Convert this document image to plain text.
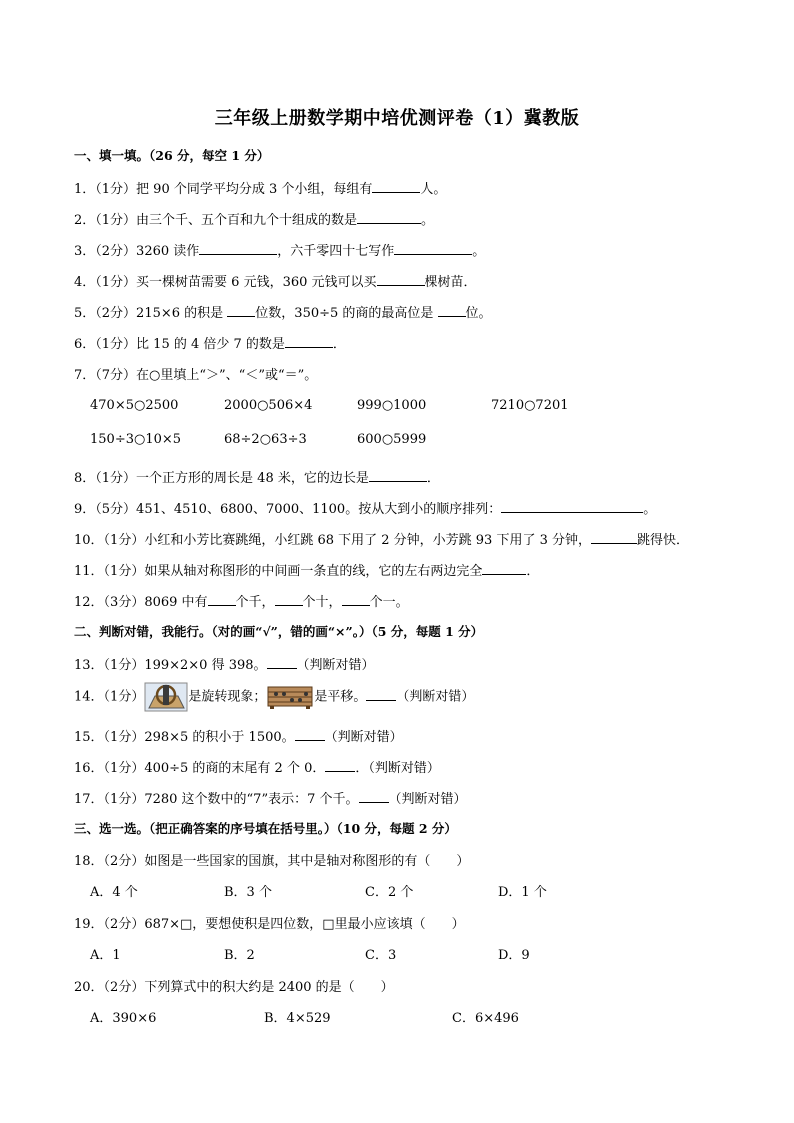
三年级上册数学期中培优测评卷（1）冀教版
一、填一填。（26 分，每空 1 分）
1．（1分）把 90 个同学平均分成 3 个小组，每组有	人。
2．（1分）由三个千、五个百和九个十组成的数是	。
3．（2分）3260 读作	，六千零四十七写作	。
4．（1分）买一棵树苗需要 6 元钱，360 元钱可以买	棵树苗．
5．（2分）215×6 的积是 位数，350÷5 的商的最高位是 位。
6．（1分）比 15 的 4 倍少 7 的数是	．
7．（7分）在○里填上“＞”、“＜”或“＝”。
470×5○2500	2000○506×4	999○1000	7210○7201
150÷3○10×5	68÷2○63÷3	600○5999
8．（1分）一个正方形的周长是 48 米，它的边长是	．
9．（5分）451、4510、6800、7000、1100。按从大到小的顺序排列：	。
10．（1分）小红和小芳比赛跳绳，小红跳 68 下用了 2 分钟，小芳跳 93 下用了 3 分钟，	跳得快．
11．（1分）如果从轴对称图形的中间画一条直的线，它的左右两边完全	．
12．（3分）8069 中有 个千， 个十， 个一。
二、判断对错，我能行。（对的画“√”，错的画“×”。）（5 分，每题 1 分）
13．（1分）199×2×0 得 398。 （判断对错）
14．（1分）	是旋转现象；	是平移。 （判断对错）
15．（1分）298×5 的积小于 1500。 （判断对错）
16．（1分）400÷5 的商的末尾有 2 个 0． ．（判断对错）
17．（1分）7280 这个数中的“7”表示：7 个千。 （判断对错）
三、选一选。（把正确答案的序号填在括号里。）（10 分，每题 2 分）
18．（2分）如图是一些国家的国旗，其中是轴对称图形的有（　　）
A．4 个	B．3 个	C．2 个	D．1 个
19．（2分）687×□，要想使积是四位数，□里最小应该填（　　）
A．1	B．2	C．3	D．9
20．（2分）下列算式中的积大约是 2400 的是（　　）
A．390×6	B．4×529	C．6×496
